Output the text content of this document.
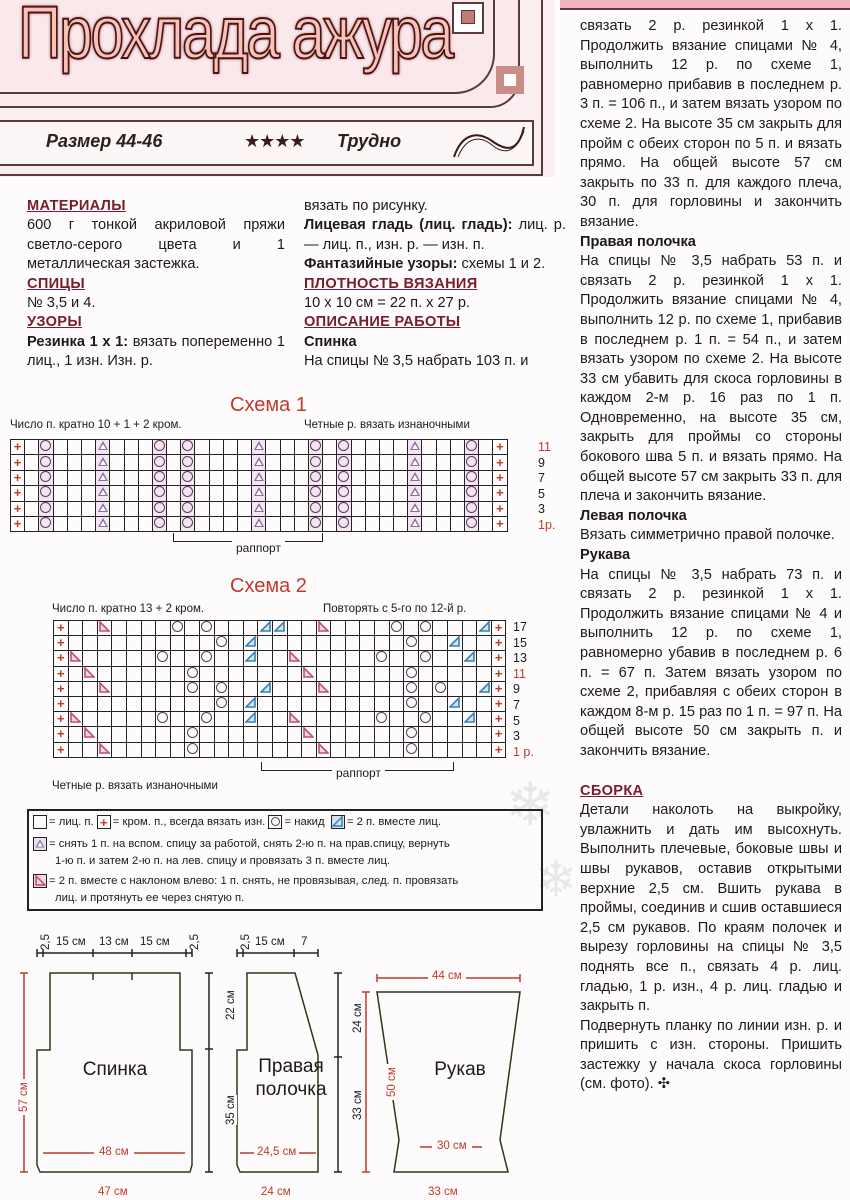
Прохлада ажура
Размер 44-46	★★★★ Трудно

МАТЕРИАЛЫ

600 г тонкой акриловой пряжи светло-серого цвета и 1 металлическая застежка.

СПИЦЫ

№ 3,5 и 4.

УЗОРЫ

Резинка 1 х 1: вязать попеременно 1 лиц., 1 изн. Изн. р.

вязать по рисунку.

Лицевая гладь (лиц. гладь): лиц. р. — лиц. п., изн. р. — изн. п.

Фантазийные узоры: схемы 1 и 2.

ПЛОТНОСТЬ ВЯЗАНИЯ

10 х 10 см = 22 п. х 27 р.

ОПИСАНИЕ РАБОТЫ

Спинка

На спицы № 3,5 набрать 103 п. и

связать 2 р. резинкой 1 х 1. Продолжить вязание спицами № 4, выполнить 12 р. по схеме 1, равномерно прибавив в последнем р. 3 п. = 106 п., и затем вязать узором по схеме 2. На высоте 35 см закрыть для пройм с обеих сторон по 5 п. и вязать прямо. На общей высоте 57 см закрыть по 33 п. для каждого плеча, 30 п. для горловины и закончить вязание.

Правая полочка

На спицы № 3,5 набрать 53 п. и связать 2 р. резинкой 1 х 1. Продолжить вязание спицами № 4, выполнить 12 р. по схеме 1, прибавив в последнем р. 1 п. = 54 п., и затем вязать узором по схеме 2. На высоте 33 см убавить для скоса горловины в каждом 2-м р. 16 раз по 1 п. Одновременно, на высоте 35 см, закрыть для проймы со стороны бокового шва 5 п. и вязать прямо. На общей высоте 57 см закрыть 33 п. для плеча и закончить вязание.

Левая полочка

Вязать симметрично правой полочке.

Рукава

На спицы № 3,5 набрать 73 п. и связать 2 р. резинкой 1 х 1. Продолжить вязание спицами № 4 и выполнить 12 р. по схеме 1, равномерно убавив в последнем р. 6 п. = 67 п. Затем вязать узором по схеме 2, прибавляя с обеих сторон в каждом 8-м р. 15 раз по 1 п. = 97 п. На общей высоте 50 см закрыть п. и закончить вязание.

СБОРКА

Детали наколоть на выкройку, увлажнить и дать им высохнуть. Выполнить плечевые, боковые швы и швы рукавов, оставив открытыми верхние 2,5 см. Вшить рукава в проймы, соединив и сшив оставшиеся 2,5 см рукавов. По краям полочек и вырезу горловины на спицы № 3,5 поднять все п., связать 4 р. лиц. гладью, 1 р. изн., 4 р. лиц. гладью и закрыть п.

Подвернуть планку по линии изн. р. и пришить с изн. стороны. Пришить застежку у начала скоса горловины (см. фото). ✣

❄
❄
Схема 1
Число п. кратно 10 + 1 + 2 кром.	Четные р. вязать изнаночными
+																																		+
+																																		+
+																																		+
+																																		+
+																																		+
+																																		+
11
9
7
5
3
1р.
раппорт
Схема 2
Число п. кратно 13 + 2 кром.	Повторять с 5-го по 12-й р.
+																														+
+																														+
+																														+
+																														+
+																														+
+																														+
+																														+
+																														+
+																														+
17
15
13
11
9
7
5
3
1 р.
раппорт
Четные р. вязать изнаночными
= лиц. п. + = кром. п., всегда вязать изн. = накид = 2 п. вместе лиц.
= снять 1 п. на вспом. спицу за работой, снять 2-ю п. на прав.спицу, вернуть
1-ю п. и затем 2-ю п. на лев. спицу и провязать 3 п. вместе лиц.
= 2 п. вместе с наклоном влево: 1 п. снять, не провязывая, след. п. провязать
лиц. и протянуть ее через снятую п.
2,5 15 см 13 см 15 см 2,5
57 см
Спинка
48 см
47 см
22 см
35 см
2,5 15 см 7
Правая
полочка
24,5 см
24 см
24 см
33 см
44 см
50 см	Рукав
30 см
33 см
